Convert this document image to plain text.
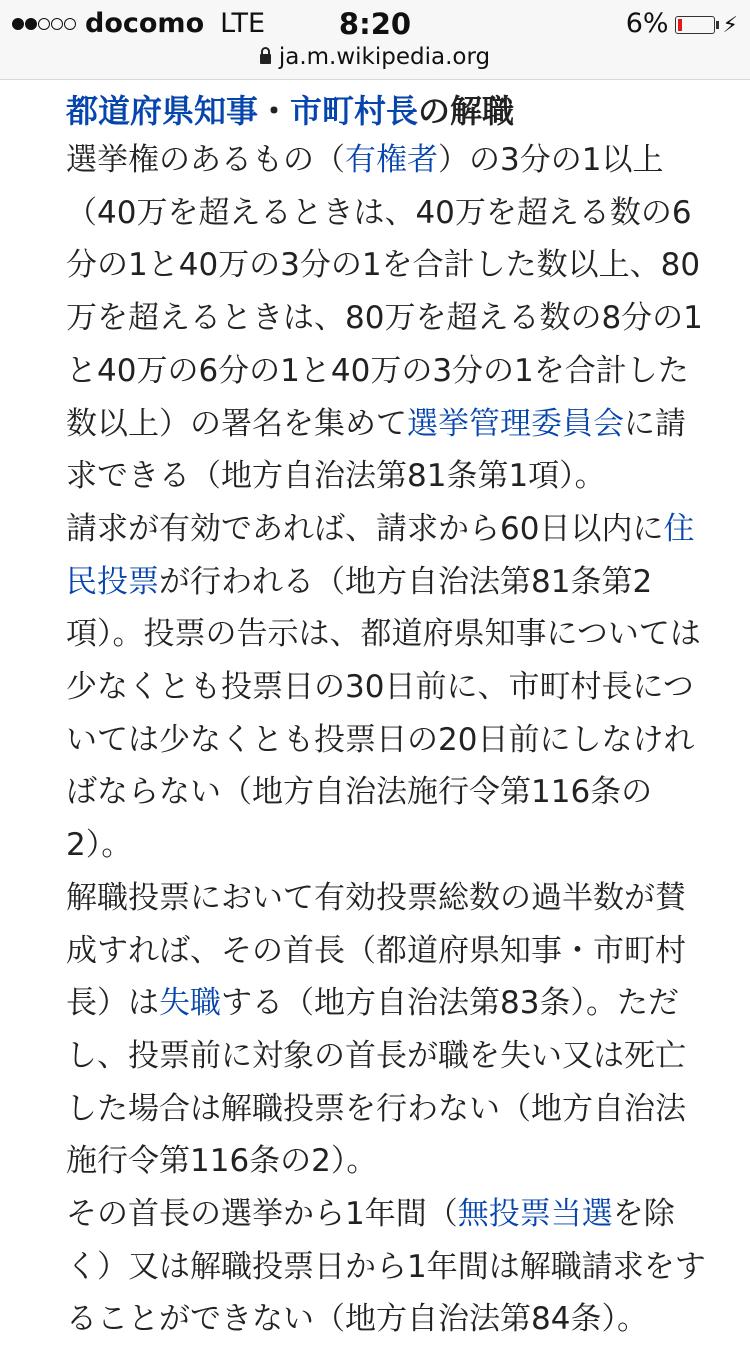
docomo LTE	8:20	6% ⚡
ja.m.wikipedia.org
都道府県知事・市町村長の解職

選挙権のあるもの（有権者）の3分の1以上（40万を超えるときは、40万を超える数の6分の1と40万の3分の1を合計した数以上、80万を超えるときは、80万を超える数の8分の1と40万の6分の1と40万の3分の1を合計した数以上）の署名を集めて選挙管理委員会に請求できる（地方自治法第81条第1項）。

請求が有効であれば、請求から60日以内に住民投票が行われる（地方自治法第81条第2項）。投票の告示は、都道府県知事については少なくとも投票日の30日前に、市町村長については少なくとも投票日の20日前にしなければならない（地方自治法施行令第116条の2）。

解職投票において有効投票総数の過半数が賛成すれば、その首長（都道府県知事・市町村長）は失職する（地方自治法第83条）。ただし、投票前に対象の首長が職を失い又は死亡した場合は解職投票を行わない（地方自治法施行令第116条の2）。

その首長の選挙から1年間（無投票当選を除く）又は解職投票日から1年間は解職請求をすることができない（地方自治法第84条）。
